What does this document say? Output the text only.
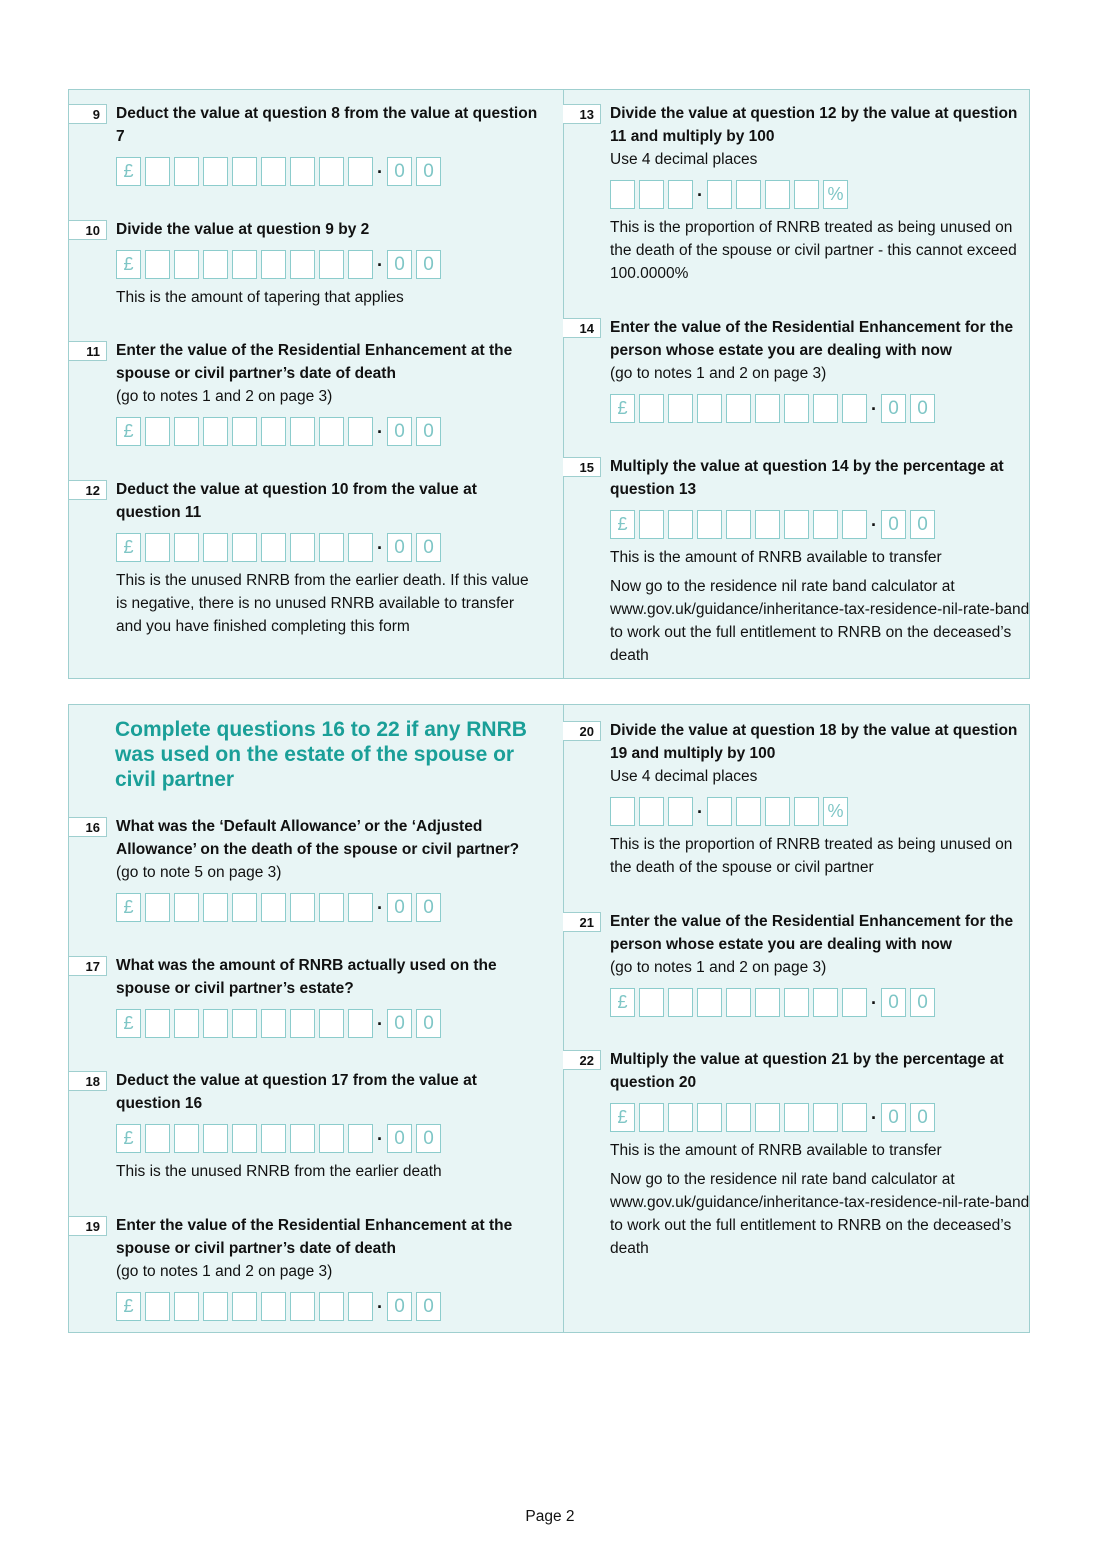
9	Deduct the value at question 8 from the value at question 7
£	· 0 0
10	Divide the value at question 9 by 2
£	· 0 0
This is the amount of tapering that applies
11	Enter the value of the Residential Enhancement at the spouse or civil partner’s date of death
(go to notes 1 and 2 on page 3)
£	· 0 0
12	Deduct the value at question 10 from the value at question 11
£	· 0 0
This is the unused RNRB from the earlier death. If this value is negative, there is no unused RNRB available to transfer and you have finished completing this form
13	Divide the value at question 12 by the value at question 11 and multiply by 100
Use 4 decimal places
·	%
This is the proportion of RNRB treated as being unused on the death of the spouse or civil partner - this cannot exceed 100.0000%
14	Enter the value of the Residential Enhancement for the person whose estate you are dealing with now
(go to notes 1 and 2 on page 3)
£	· 0 0
15	Multiply the value at question 14 by the percentage at question 13
£	· 0 0
This is the amount of RNRB available to transfer
Now go to the residence nil rate band calculator at www.gov.uk/guidance/inheritance-tax-residence-nil-rate-band to work out the full entitlement to RNRB on the deceased’s death
Complete questions 16 to 22 if any RNRB was used on the estate of the spouse or civil partner
16	What was the ‘Default Allowance’ or the ‘Adjusted Allowance’ on the death of the spouse or civil partner?
(go to note 5 on page 3)
£	· 0 0
17	What was the amount of RNRB actually used on the spouse or civil partner’s estate?
£	· 0 0
18	Deduct the value at question 17 from the value at question 16
£	· 0 0
This is the unused RNRB from the earlier death
19	Enter the value of the Residential Enhancement at the spouse or civil partner’s date of death
(go to notes 1 and 2 on page 3)
£	· 0 0
20	Divide the value at question 18 by the value at question 19 and multiply by 100
Use 4 decimal places
·	%
This is the proportion of RNRB treated as being unused on the death of the spouse or civil partner
21	Enter the value of the Residential Enhancement for the person whose estate you are dealing with now
(go to notes 1 and 2 on page 3)
£	· 0 0
22	Multiply the value at question 21 by the percentage at question 20
£	· 0 0
This is the amount of RNRB available to transfer
Now go to the residence nil rate band calculator at www.gov.uk/guidance/inheritance-tax-residence-nil-rate-band to work out the full entitlement to RNRB on the deceased’s death
Page 2
